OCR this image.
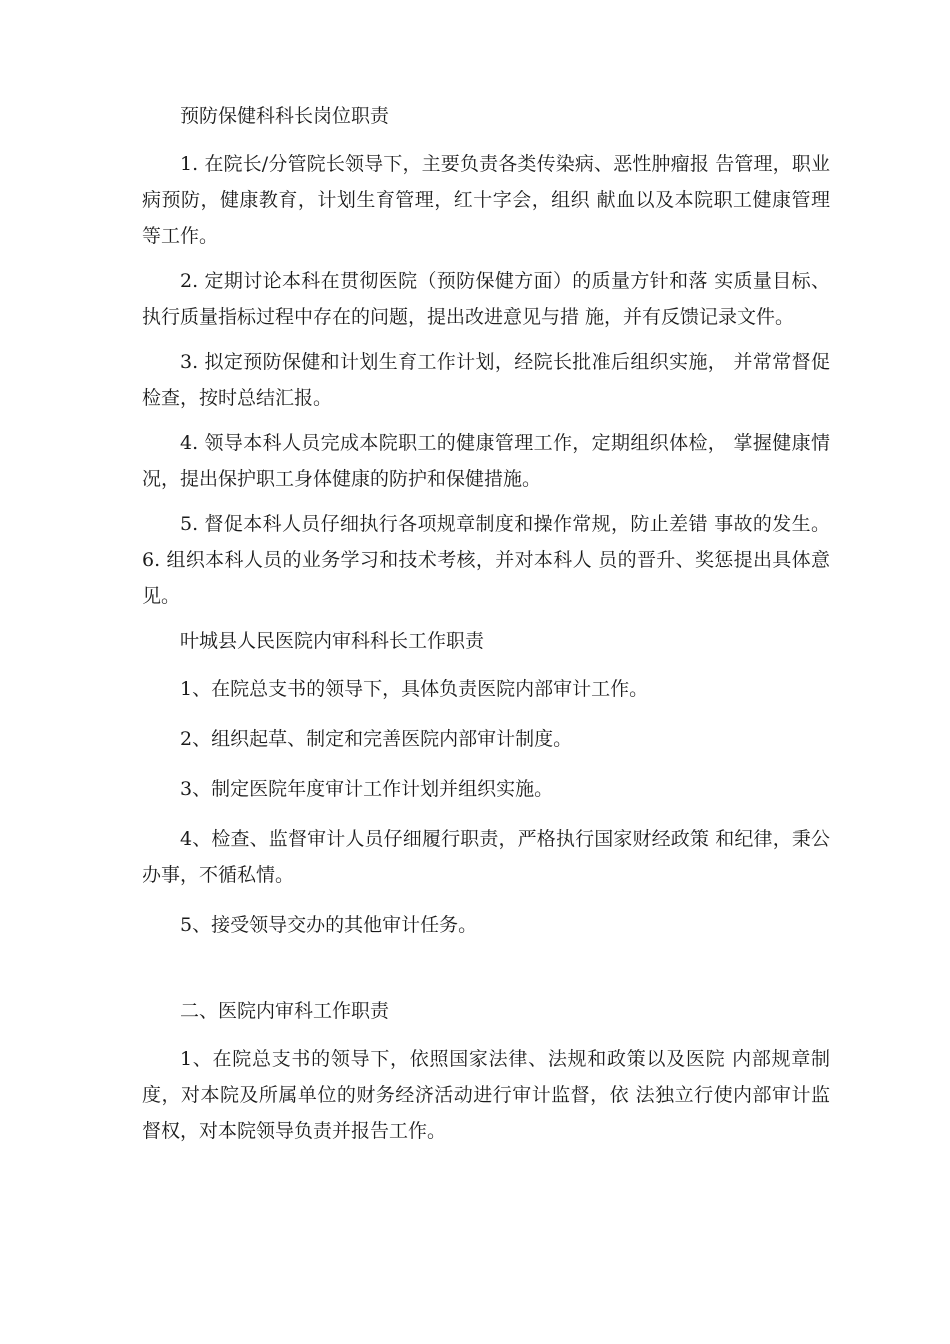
预防保健科科长岗位职责

1. 在院长/分管院长领导下，主要负责各类传染病、恶性肿瘤报 告管理，职业病预防，健康教育，计划生育管理，红十字会，组织 献血以及本院职工健康管理等工作。

2. 定期讨论本科在贯彻医院（预防保健方面）的质量方针和落 实质量目标、执行质量指标过程中存在的问题，提出改进意见与措 施，并有反馈记录文件。

3. 拟定预防保健和计划生育工作计划，经院长批准后组织实施， 并常常督促检查，按时总结汇报。

4. 领导本科人员完成本院职工的健康管理工作，定期组织体检， 掌握健康情况，提出保护职工身体健康的防护和保健措施。

5. 督促本科人员仔细执行各项规章制度和操作常规，防止差错 事故的发生。6. 组织本科人员的业务学习和技术考核，并对本科人 员的晋升、奖惩提出具体意见。

叶城县人民医院内审科科长工作职责

1、在院总支书的领导下，具体负责医院内部审计工作。

2、组织起草、制定和完善医院内部审计制度。

3、制定医院年度审计工作计划并组织实施。

4、检查、监督审计人员仔细履行职责，严格执行国家财经政策 和纪律，秉公办事，不循私情。

5、接受领导交办的其他审计任务。

二、医院内审科工作职责

1、在院总支书的领导下，依照国家法律、法规和政策以及医院 内部规章制度，对本院及所属单位的财务经济活动进行审计监督，依 法独立行使内部审计监督权，对本院领导负责并报告工作。
